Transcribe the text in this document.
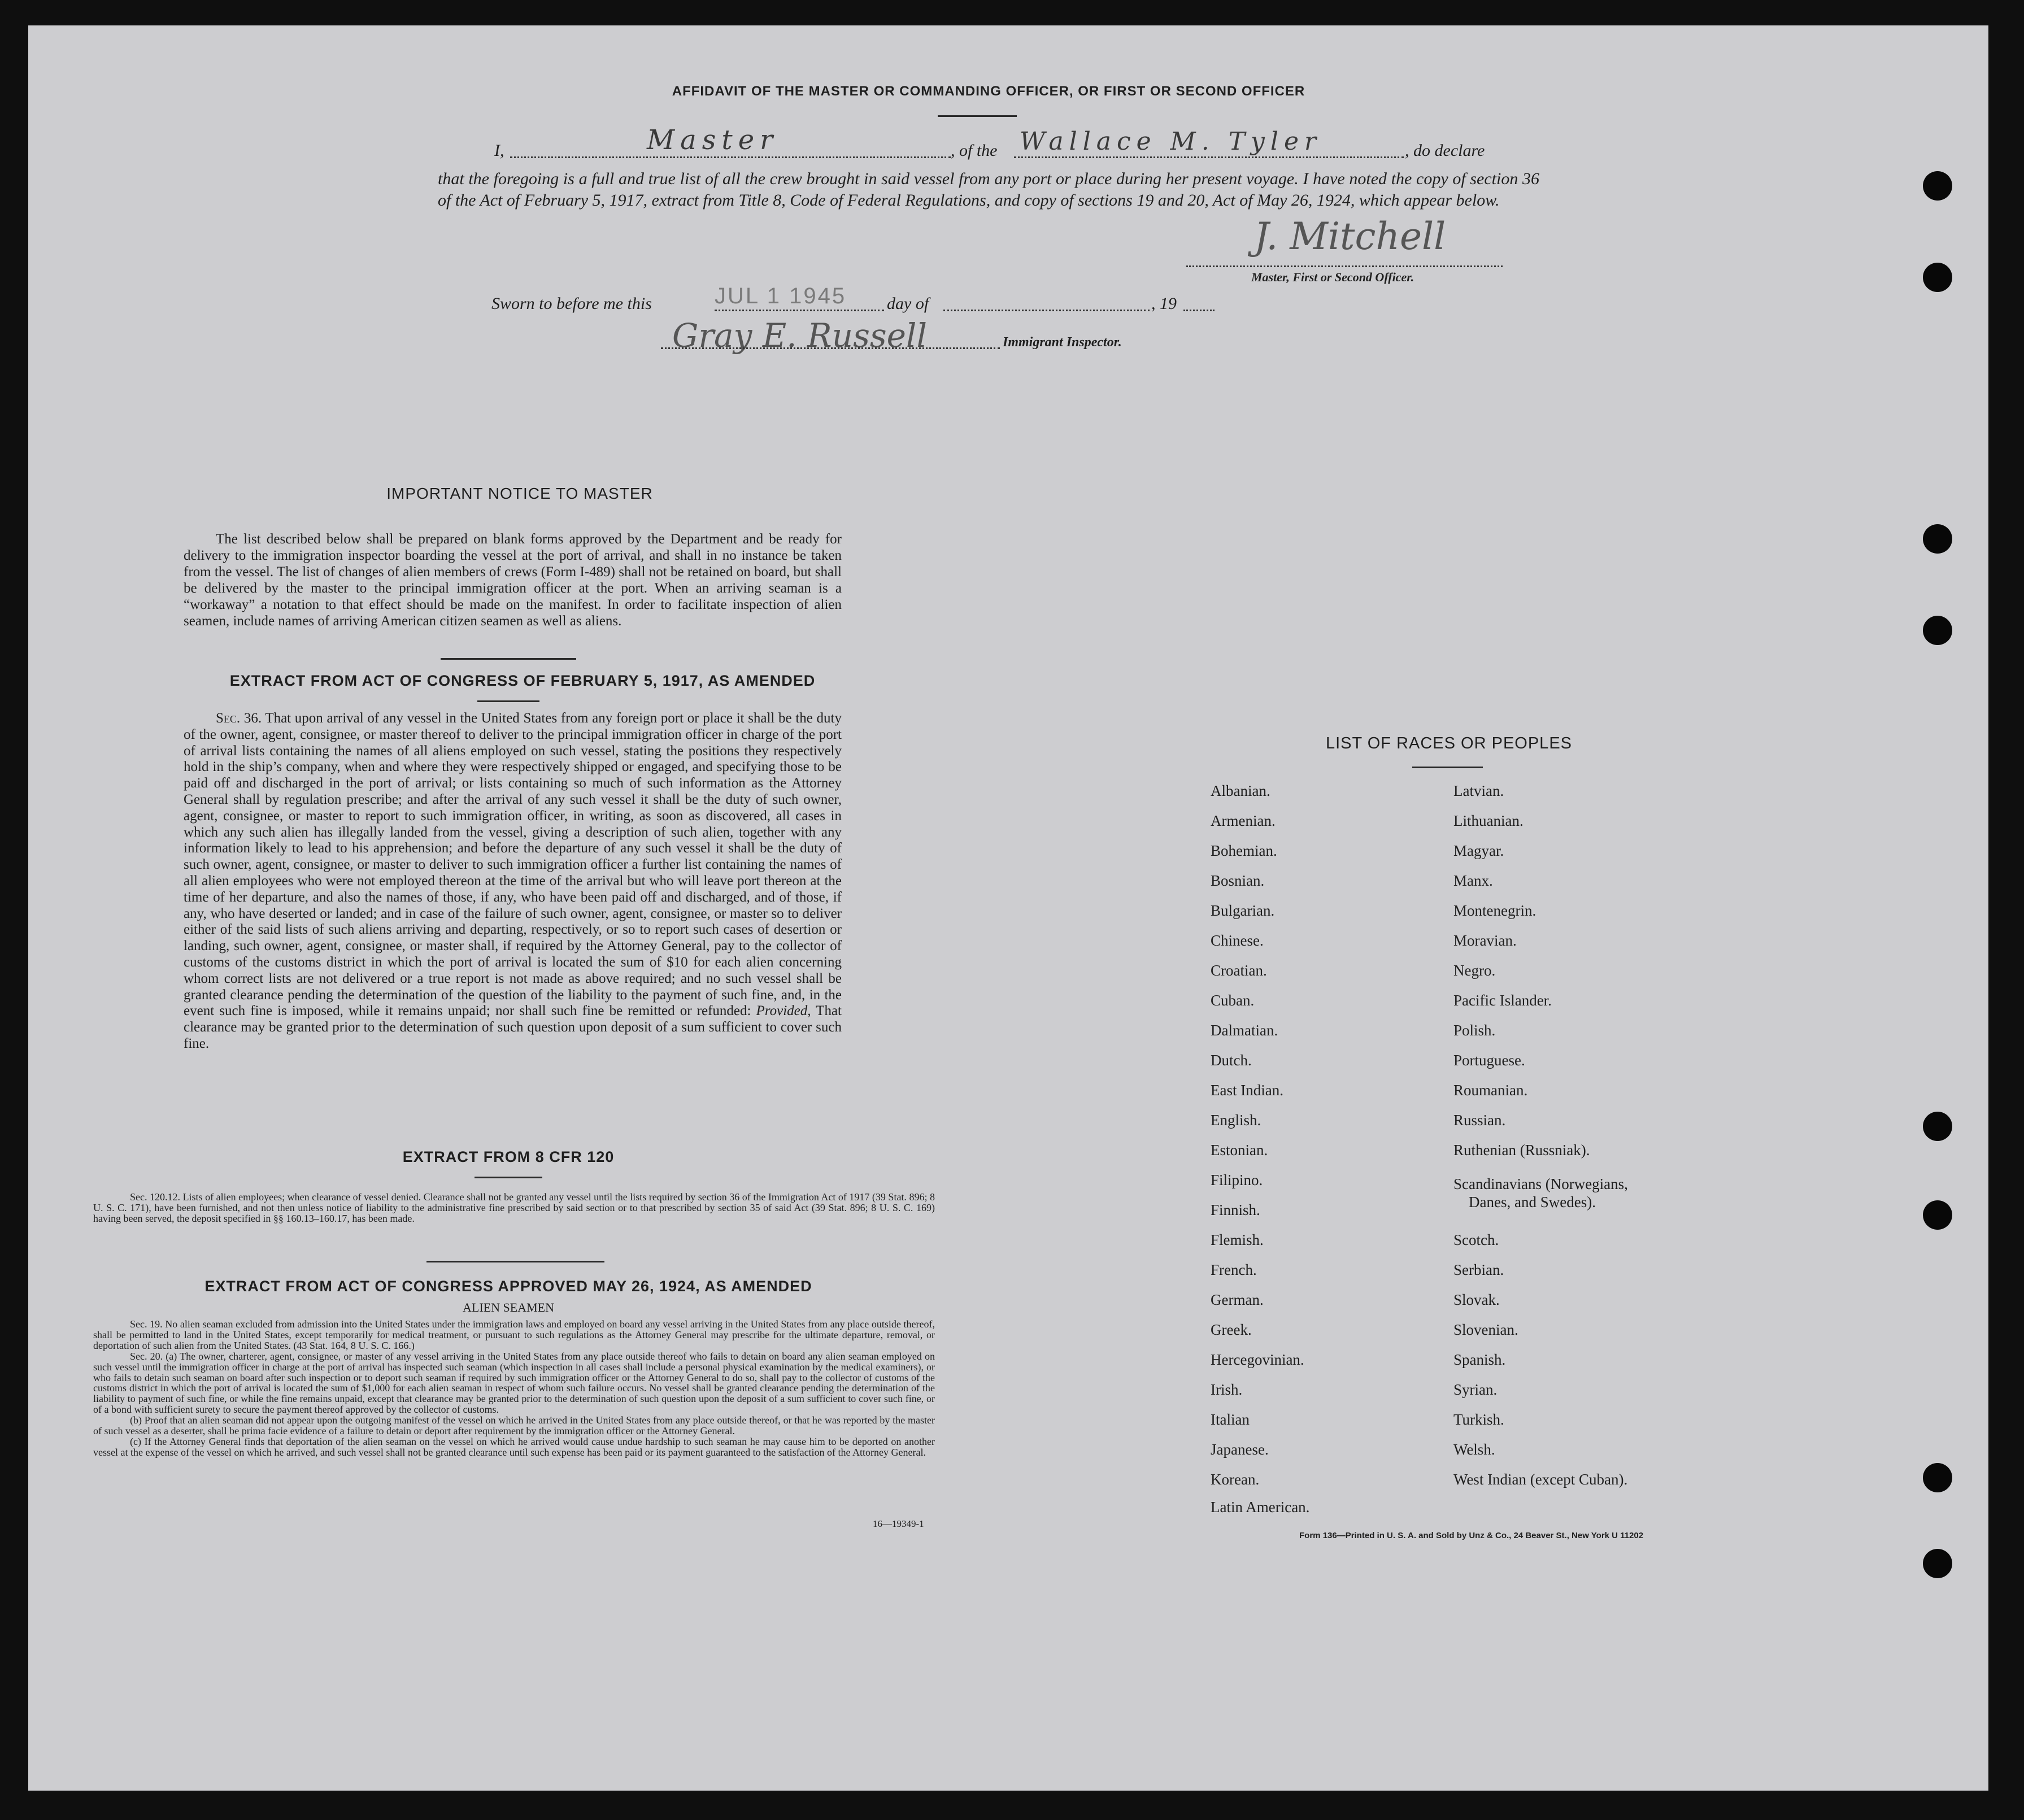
AFFIDAVIT OF THE MASTER OR COMMANDING OFFICER, OR FIRST OR SECOND OFFICER
I,	Master	, of the Wallace M. Tyler	, do declare
that the foregoing is a full and true list of all the crew brought in said vessel from any port or place during her present voyage. I have noted the copy of section 36 of the Act of February 5, 1917, extract from Title 8, Code of Federal Regulations, and copy of sections 19 and 20, Act of May 26, 1924, which appear below.
J. Mitchell
Master, First or Second Officer.
Sworn to before me this	JUL 1 1945 day of	, 19
Gray E. Russell	Immigrant Inspector.
IMPORTANT NOTICE TO MASTER
The list described below shall be prepared on blank forms approved by the Department and be ready for delivery to the immigration inspector boarding the vessel at the port of arrival, and shall in no instance be taken from the vessel. The list of changes of alien members of crews (Form I-489) shall not be retained on board, but shall be delivered by the master to the principal immigration officer at the port. When an arriving seaman is a “workaway” a notation to that effect should be made on the manifest. In order to facilitate inspection of alien seamen, include names of arriving American citizen seamen as well as aliens.
EXTRACT FROM ACT OF CONGRESS OF FEBRUARY 5, 1917, AS AMENDED
Sec. 36. That upon arrival of any vessel in the United States from any foreign port or place it shall be the duty of the owner, agent, consignee, or master thereof to deliver to the principal immigration officer in charge of the port of arrival lists containing the names of all aliens employed on such vessel, stating the positions they respectively hold in the ship’s company, when and where they were respectively shipped or engaged, and specifying those to be paid off and discharged in the port of arrival; or lists containing so much of such information as the Attorney General shall by regulation prescribe; and after the arrival of any such vessel it shall be the duty of such owner, agent, consignee, or master to report to such immigration officer, in writing, as soon as discovered, all cases in which any such alien has illegally landed from the vessel, giving a description of such alien, together with any information likely to lead to his apprehension; and before the departure of any such vessel it shall be the duty of such owner, agent, consignee, or master to deliver to such immigration officer a further list containing the names of all alien employees who were not employed thereon at the time of the arrival but who will leave port thereon at the time of her departure, and also the names of those, if any, who have been paid off and discharged, and of those, if any, who have deserted or landed; and in case of the failure of such owner, agent, consignee, or master so to deliver either of the said lists of such aliens arriving and departing, respectively, or so to report such cases of desertion or landing, such owner, agent, consignee, or master shall, if required by the Attorney General, pay to the collector of customs of the customs district in which the port of arrival is located the sum of $10 for each alien concerning whom correct lists are not delivered or a true report is not made as above required; and no such vessel shall be granted clearance pending the determination of the question of the liability to the payment of such fine, and, in the event such fine is imposed, while it remains unpaid; nor shall such fine be remitted or refunded: Provided, That clearance may be granted prior to the determination of such question upon deposit of a sum sufficient to cover such fine.
EXTRACT FROM 8 CFR 120
Sec. 120.12. Lists of alien employees; when clearance of vessel denied. Clearance shall not be granted any vessel until the lists required by section 36 of the Immigration Act of 1917 (39 Stat. 896; 8 U. S. C. 171), have been furnished, and not then unless notice of liability to the administrative fine prescribed by said section or to that prescribed by section 35 of said Act (39 Stat. 896; 8 U. S. C. 169) having been served, the deposit specified in §§ 160.13–160.17, has been made.
EXTRACT FROM ACT OF CONGRESS APPROVED MAY 26, 1924, AS AMENDED
ALIEN SEAMEN
Sec. 19. No alien seaman excluded from admission into the United States under the immigration laws and employed on board any vessel arriving in the United States from any place outside thereof, shall be permitted to land in the United States, except temporarily for medical treatment, or pursuant to such regulations as the Attorney General may prescribe for the ultimate departure, removal, or deportation of such alien from the United States. (43 Stat. 164, 8 U. S. C. 166.)
Sec. 20. (a) The owner, charterer, agent, consignee, or master of any vessel arriving in the United States from any place outside thereof who fails to detain on board any alien seaman employed on such vessel until the immigration officer in charge at the port of arrival has inspected such seaman (which inspection in all cases shall include a personal physical examination by the medical examiners), or who fails to detain such seaman on board after such inspection or to deport such seaman if required by such immigration officer or the Attorney General to do so, shall pay to the collector of customs of the customs district in which the port of arrival is located the sum of $1,000 for each alien seaman in respect of whom such failure occurs. No vessel shall be granted clearance pending the determination of the liability to payment of such fine, or while the fine remains unpaid, except that clearance may be granted prior to the determination of such question upon the deposit of a sum sufficient to cover such fine, or of a bond with sufficient surety to secure the payment thereof approved by the collector of customs.
(b) Proof that an alien seaman did not appear upon the outgoing manifest of the vessel on which he arrived in the United States from any place outside thereof, or that he was reported by the master of such vessel as a deserter, shall be prima facie evidence of a failure to detain or deport after requirement by the immigration officer or the Attorney General.
(c) If the Attorney General finds that deportation of the alien seaman on the vessel on which he arrived would cause undue hardship to such seaman he may cause him to be deported on another vessel at the expense of the vessel on which he arrived, and such vessel shall not be granted clearance until such expense has been paid or its payment guaranteed to the satisfaction of the Attorney General.
16—19349-1
LIST OF RACES OR PEOPLES
Albanian.
Armenian.
Bohemian.
Bosnian.
Bulgarian.
Chinese.
Croatian.
Cuban.
Dalmatian.
Dutch.
East Indian.
English.
Estonian.
Filipino.
Finnish.
Flemish.
French.
German.
Greek.
Hercegovinian.
Irish.
Italian
Japanese.
Korean.
Latin American.
Latvian.
Lithuanian.
Magyar.
Manx.
Montenegrin.
Moravian.
Negro.
Pacific Islander.
Polish.
Portuguese.
Roumanian.
Russian.
Ruthenian (Russniak).
Scandinavians (Norwegians,
Danes, and Swedes).
Scotch.
Serbian.
Slovak.
Slovenian.
Spanish.
Syrian.
Turkish.
Welsh.
West Indian (except Cuban).
Form 136—Printed in U. S. A. and Sold by Unz & Co., 24 Beaver St., New York U 11202
